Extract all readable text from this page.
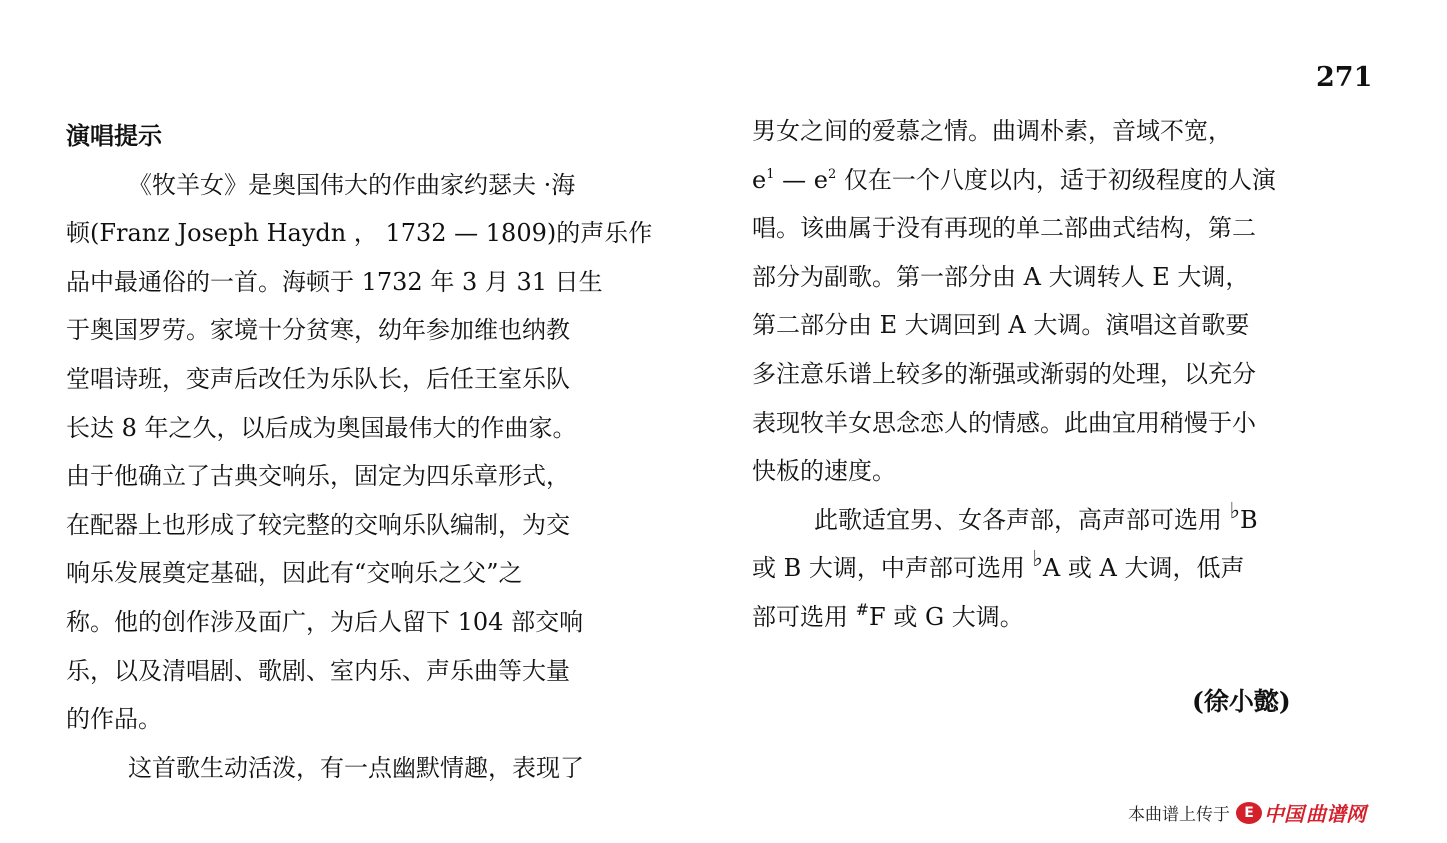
271
演唱提示
《牧羊女》是奥国伟大的作曲家约瑟夫 ·海
顿(Franz Joseph Haydn ， 1732 — 1809)的声乐作
品中最通俗的一首。海顿于 1732 年 3 月 31 日生
于奥国罗劳。家境十分贫寒，幼年参加维也纳教
堂唱诗班，变声后改任为乐队长，后任王室乐队
长达 8 年之久，以后成为奥国最伟大的作曲家。
由于他确立了古典交响乐，固定为四乐章形式，
在配器上也形成了较完整的交响乐队编制，为交
响乐发展奠定基础，因此有“交响乐之父”之
称。他的创作涉及面广，为后人留下 104 部交响
乐，以及清唱剧、歌剧、室内乐、声乐曲等大量
的作品。
这首歌生动活泼，有一点幽默情趣，表现了
男女之间的爱慕之情。曲调朴素，音域不宽，
$e^1$ — $e^2$ 仅在一个八度以内，适于初级程度的人演
唱。该曲属于没有再现的单二部曲式结构，第二
部分为副歌。第一部分由 A 大调转人 E 大调，
第二部分由 E 大调回到 A 大调。演唱这首歌要
多注意乐谱上较多的渐强或渐弱的处理，以充分
表现牧羊女思念恋人的情感。此曲宜用稍慢于小
快板的速度。
此歌适宜男、女各声部，高声部可选用 ♭B
或 B 大调，中声部可选用 ♭A 或 A 大调，低声
部可选用 #F 或 G 大调。
(徐小懿)
本曲谱上传于	E 中国 曲谱网
